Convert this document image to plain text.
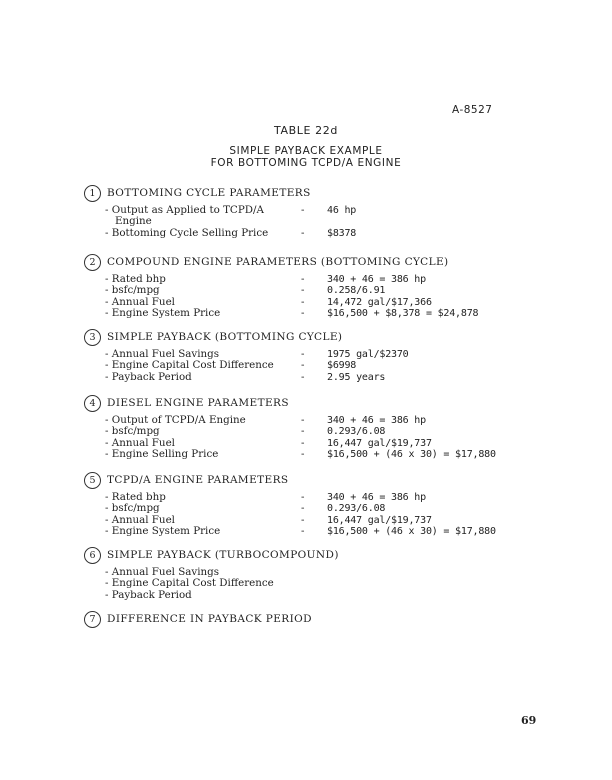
A-8527
TABLE 22d
SIMPLE PAYBACK EXAMPLE
FOR BOTTOMING TCPD/A ENGINE
1	BOTTOMING CYCLE PARAMETERS
- Output as Applied to TCPD/A	-	46 hp
Engine
- Bottoming Cycle Selling Price	-	$8378
2	COMPOUND ENGINE PARAMETERS (BOTTOMING CYCLE)
- Rated bhp	-	340 + 46 = 386 hp
- bsfc/mpg	-	0.258/6.91
- Annual Fuel	-	14,472 gal/$17,366
- Engine System Price	-	$16,500 + $8,378 = $24,878
3	SIMPLE PAYBACK (BOTTOMING CYCLE)
- Annual Fuel Savings	-	1975 gal/$2370
- Engine Capital Cost Difference	-	$6998
- Payback Period	-	2.95 years
4	DIESEL ENGINE PARAMETERS
- Output of TCPD/A Engine	-	340 + 46 = 386 hp
- bsfc/mpg	-	0.293/6.08
- Annual Fuel	-	16,447 gal/$19,737
- Engine Selling Price	-	$16,500 + (46 x 30) = $17,880
5	TCPD/A ENGINE PARAMETERS
- Rated bhp	-	340 + 46 = 386 hp
- bsfc/mpg	-	0.293/6.08
- Annual Fuel	-	16,447 gal/$19,737
- Engine System Price	-	$16,500 + (46 x 30) = $17,880
6	SIMPLE PAYBACK (TURBOCOMPOUND)
- Annual Fuel Savings
- Engine Capital Cost Difference
- Payback Period
7	DIFFERENCE IN PAYBACK PERIOD
69
